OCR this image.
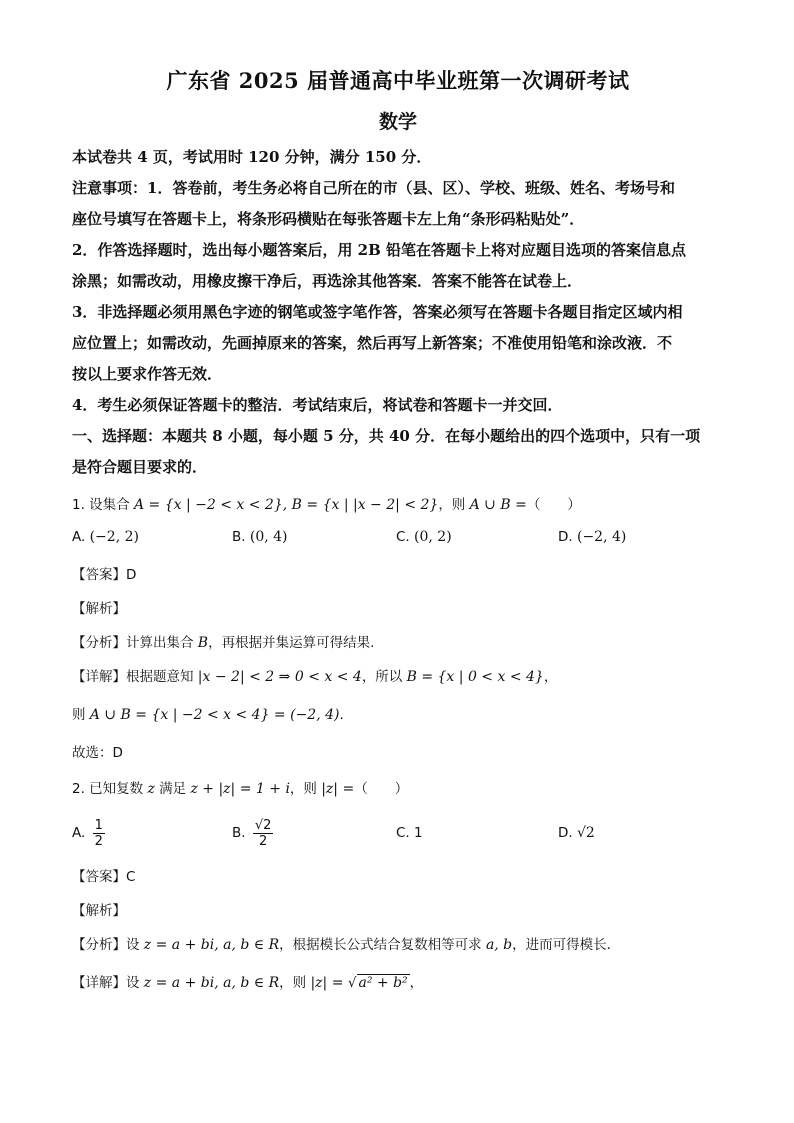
广东省 2025 届普通高中毕业班第一次调研考试
数学
本试卷共 4 页，考试用时 120 分钟，满分 150 分．
注意事项：1．答卷前，考生务必将自己所在的市（县、区）、学校、班级、姓名、考场号和
座位号填写在答题卡上，将条形码横贴在每张答题卡左上角“条形码粘贴处”．
2．作答选择题时，选出每小题答案后，用 2B 铅笔在答题卡上将对应题目选项的答案信息点
涂黑；如需改动，用橡皮擦干净后，再选涂其他答案．答案不能答在试卷上．
3．非选择题必须用黑色字迹的钢笔或签字笔作答，答案必须写在答题卡各题目指定区域内相
应位置上；如需改动，先画掉原来的答案，然后再写上新答案；不准使用铅笔和涂改液．不
按以上要求作答无效．
4．考生必须保证答题卡的整洁．考试结束后，将试卷和答题卡一并交回．
一、选择题：本题共 8 小题，每小题 5 分，共 40 分．在每小题给出的四个选项中，只有一项
是符合题目要求的．
1. 设集合 A = {x | −2 < x < 2}, B = {x | |x − 2| < 2}，则 A ∪ B =（　　）
A. (−2, 2)	B. (0, 4)	C. (0, 2)	D. (−2, 4)
【答案】D
【解析】
【分析】计算出集合 B，再根据并集运算可得结果.
【详解】根据题意知 |x − 2| < 2 ⇒ 0 < x < 4，所以 B = {x | 0 < x < 4}，
则 A ∪ B = {x | −2 < x < 4} = (−2, 4).
故选：D
2. 已知复数 z 满足 z + |z| = 1 + i，则 |z| =（　　）
A. $\frac{1}{2}$	B. $\frac{√2}{2}$	C. 1	D. √2
【答案】C
【解析】
【分析】设 z = a + bi, a, b ∈ R，根据模长公式结合复数相等可求 a, b，进而可得模长.
【详解】设 z = a + bi, a, b ∈ R，则 |z| = √ a² + b² ，
